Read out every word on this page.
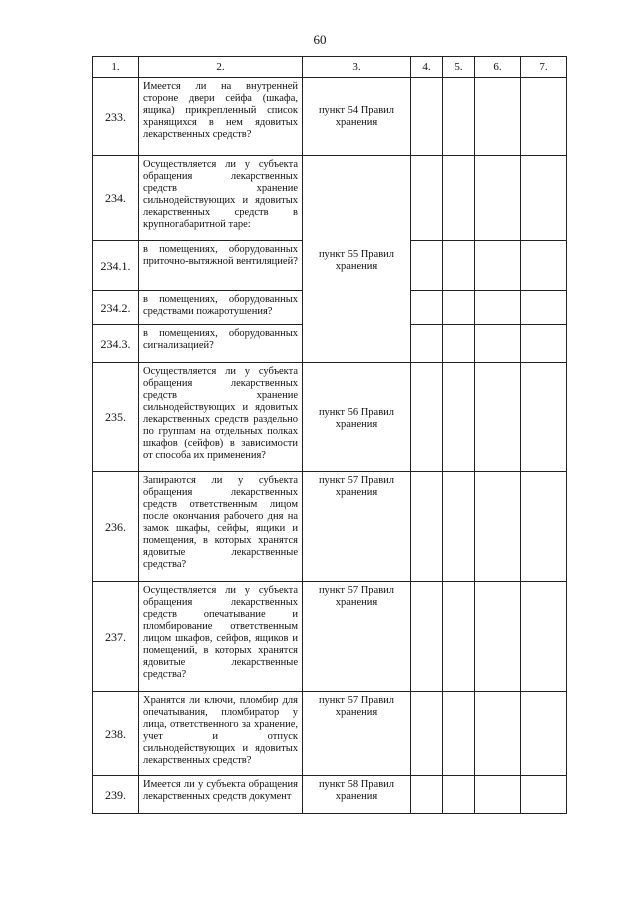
60
1.	2.	3.	4.	5.	6.	7.
233.	Имеется ли на внутренней стороне двери сейфа (шкафа, ящика) прикрепленный список хранящихся в нем ядовитых лекарственных средств?	пункт 54 Правил хранения				

234.	Осуществляется ли у субъекта обращения лекарственных средств хранение сильнодействующих и ядовитых лекарственных средств в крупногабаритной таре:	пункт 55 Правил хранения				
234.1.	в помещениях, оборудованных приточно-вытяжной вентиляцией?					
234.2.	в помещениях, оборудованных средствами пожаротушения?					
234.3.	в помещениях, оборудованных сигнализацией?					
235.	Осуществляется ли у субъекта обращения лекарственных средств хранение сильнодействующих и ядовитых лекарственных средств раздельно по группам на отдельных полках шкафов (сейфов) в зависимости от способа их применения?	пункт 56 Правил хранения				
236.	Запираются ли у субъекта обращения лекарственных средств ответственным лицом после окончания рабочего дня на замок шкафы, сейфы, ящики и помещения, в которых хранятся ядовитые лекарственные средства?	пункт 57 Правил хранения				
237.	Осуществляется ли у субъекта обращения лекарственных средств опечатывание и пломбирование ответственным лицом шкафов, сейфов, ящиков и помещений, в которых хранятся ядовитые лекарственные средства?	пункт 57 Правил хранения				
238.	Хранятся ли ключи, пломбир для опечатывания, пломбиратор у лица, ответственного за хранение, учет и отпуск сильнодействующих и ядовитых лекарственных средств?	пункт 57 Правил хранения				
239.	Имеется ли у субъекта обращения лекарственных средств документ	пункт 58 Правил хранения				
